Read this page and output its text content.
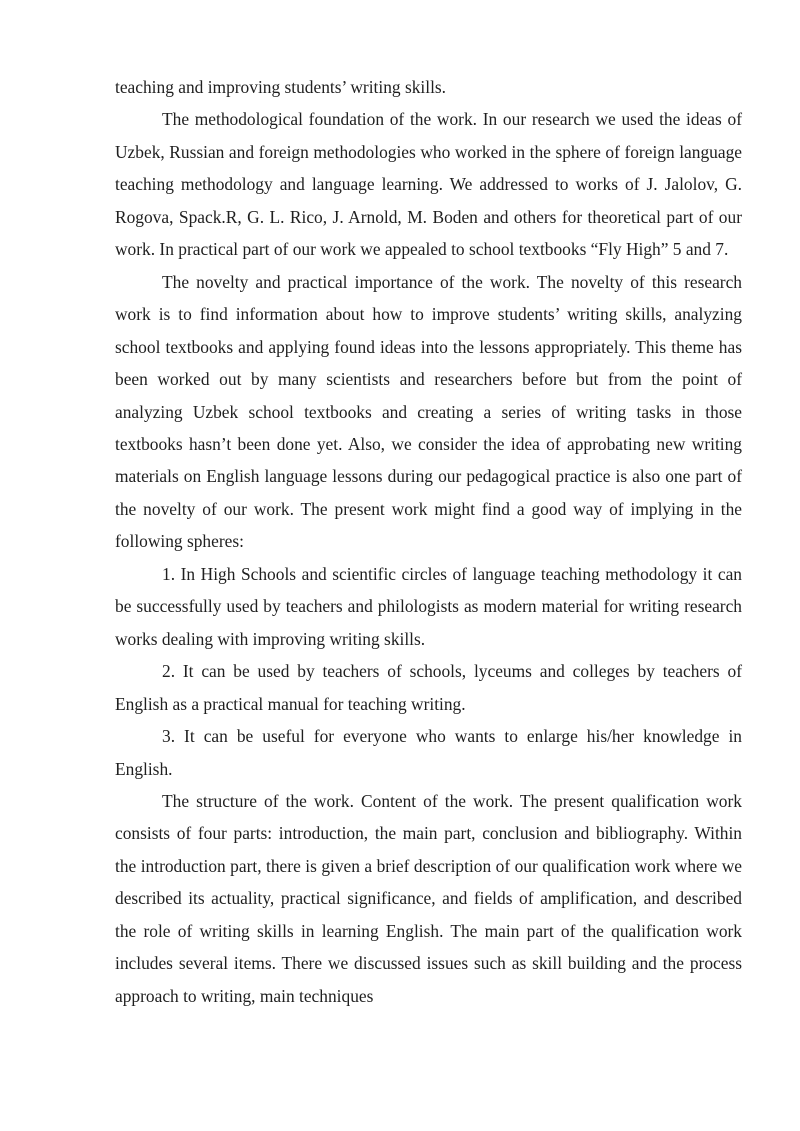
teaching and improving students’ writing skills.

The methodological foundation of the work. In our research we used the ideas of Uzbek, Russian and foreign methodologies who worked in the sphere of foreign language teaching methodology and language learning. We addressed to works of J. Jalolov, G. Rogova, Spack.R, G. L. Rico, J. Arnold, M. Boden and others for theoretical part of our work. In practical part of our work we appealed to school textbooks “Fly High” 5 and 7.

The novelty and practical importance of the work. The novelty of this research work is to find information about how to improve students’ writing skills, analyzing school textbooks and applying found ideas into the lessons appropriately. This theme has been worked out by many scientists and researchers before but from the point of analyzing Uzbek school textbooks and creating a series of writing tasks in those textbooks hasn’t been done yet. Also, we consider the idea of approbating new writing materials on English language lessons during our pedagogical practice is also one part of the novelty of our work. The present work might find a good way of implying in the following spheres:

1. In High Schools and scientific circles of language teaching methodology it can be successfully used by teachers and philologists as modern material for writing research works dealing with improving writing skills.

2. It can be used by teachers of schools, lyceums and colleges by teachers of English as a practical manual for teaching writing.

3. It can be useful for everyone who wants to enlarge his/her knowledge in English.

The structure of the work. Content of the work. The present qualification work consists of four parts: introduction, the main part, conclusion and bibliography. Within the introduction part, there is given a brief description of our qualification work where we described its actuality, practical significance, and fields of amplification, and described the role of writing skills in learning English. The main part of the qualification work includes several items. There we discussed issues such as skill building and the process approach to writing, main techniques
